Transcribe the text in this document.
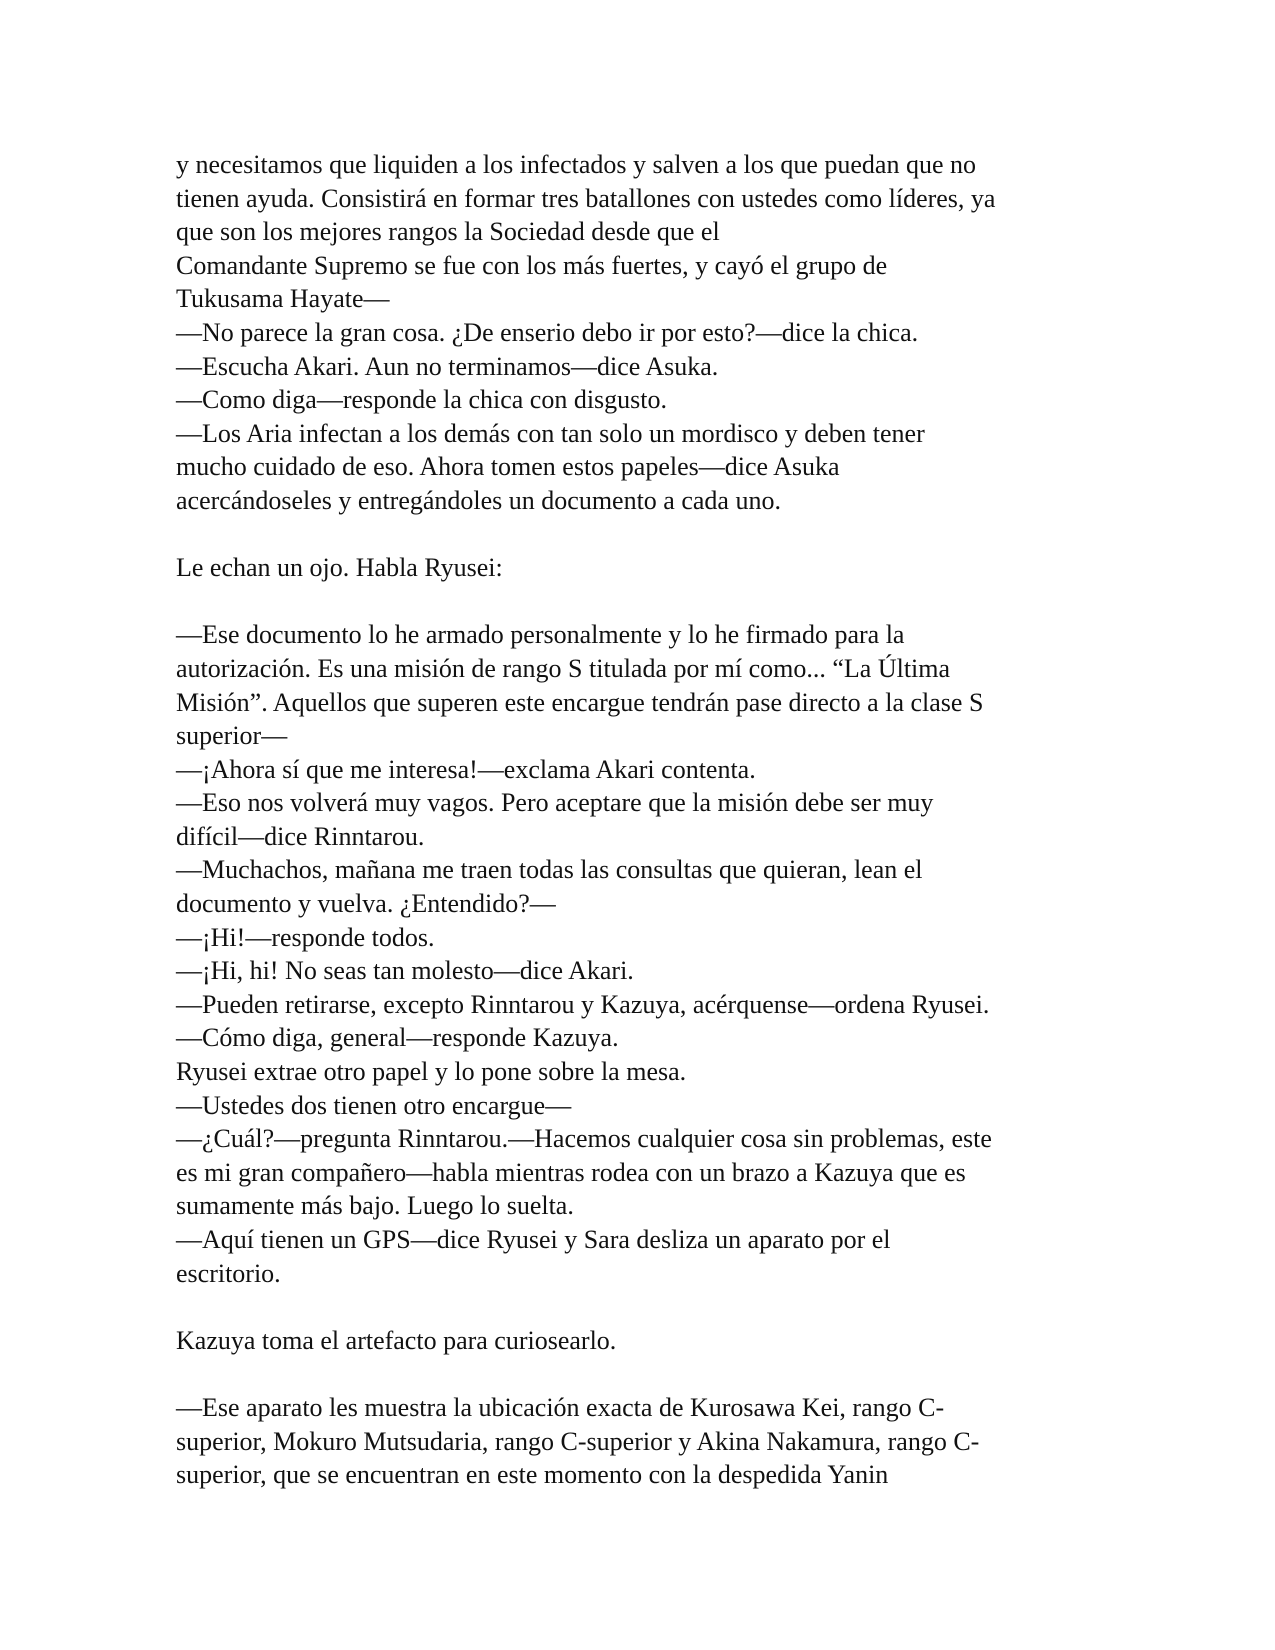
y necesitamos que liquiden a los infectados y salven a los que puedan que no
tienen ayuda. Consistirá en formar tres batallones con ustedes como líderes, ya
que son los mejores rangos la Sociedad desde que el
Comandante Supremo se fue con los más fuertes, y cayó el grupo de
Tukusama Hayate—
—No parece la gran cosa. ¿De enserio debo ir por esto?—dice la chica.
—Escucha Akari. Aun no terminamos—dice Asuka.
—Como diga—responde la chica con disgusto.
—Los Aria infectan a los demás con tan solo un mordisco y deben tener
mucho cuidado de eso. Ahora tomen estos papeles—dice Asuka
acercándoseles y entregándoles un documento a cada uno.
Le echan un ojo. Habla Ryusei:
—Ese documento lo he armado personalmente y lo he firmado para la
autorización. Es una misión de rango S titulada por mí como... “La Última
Misión”. Aquellos que superen este encargue tendrán pase directo a la clase S
superior—
—¡Ahora sí que me interesa!—exclama Akari contenta.
—Eso nos volverá muy vagos. Pero aceptare que la misión debe ser muy
difícil—dice Rinntarou.
—Muchachos, mañana me traen todas las consultas que quieran, lean el
documento y vuelva. ¿Entendido?—
—¡Hi!—responde todos.
—¡Hi, hi! No seas tan molesto—dice Akari.
—Pueden retirarse, excepto Rinntarou y Kazuya, acérquense—ordena Ryusei.
—Cómo diga, general—responde Kazuya.
Ryusei extrae otro papel y lo pone sobre la mesa.
—Ustedes dos tienen otro encargue—
—¿Cuál?—pregunta Rinntarou.—Hacemos cualquier cosa sin problemas, este
es mi gran compañero—habla mientras rodea con un brazo a Kazuya que es
sumamente más bajo. Luego lo suelta.
—Aquí tienen un GPS—dice Ryusei y Sara desliza un aparato por el
escritorio.
Kazuya toma el artefacto para curiosearlo.
—Ese aparato les muestra la ubicación exacta de Kurosawa Kei, rango C-
superior, Mokuro Mutsudaria, rango C-superior y Akina Nakamura, rango C-
superior, que se encuentran en este momento con la despedida Yanin
